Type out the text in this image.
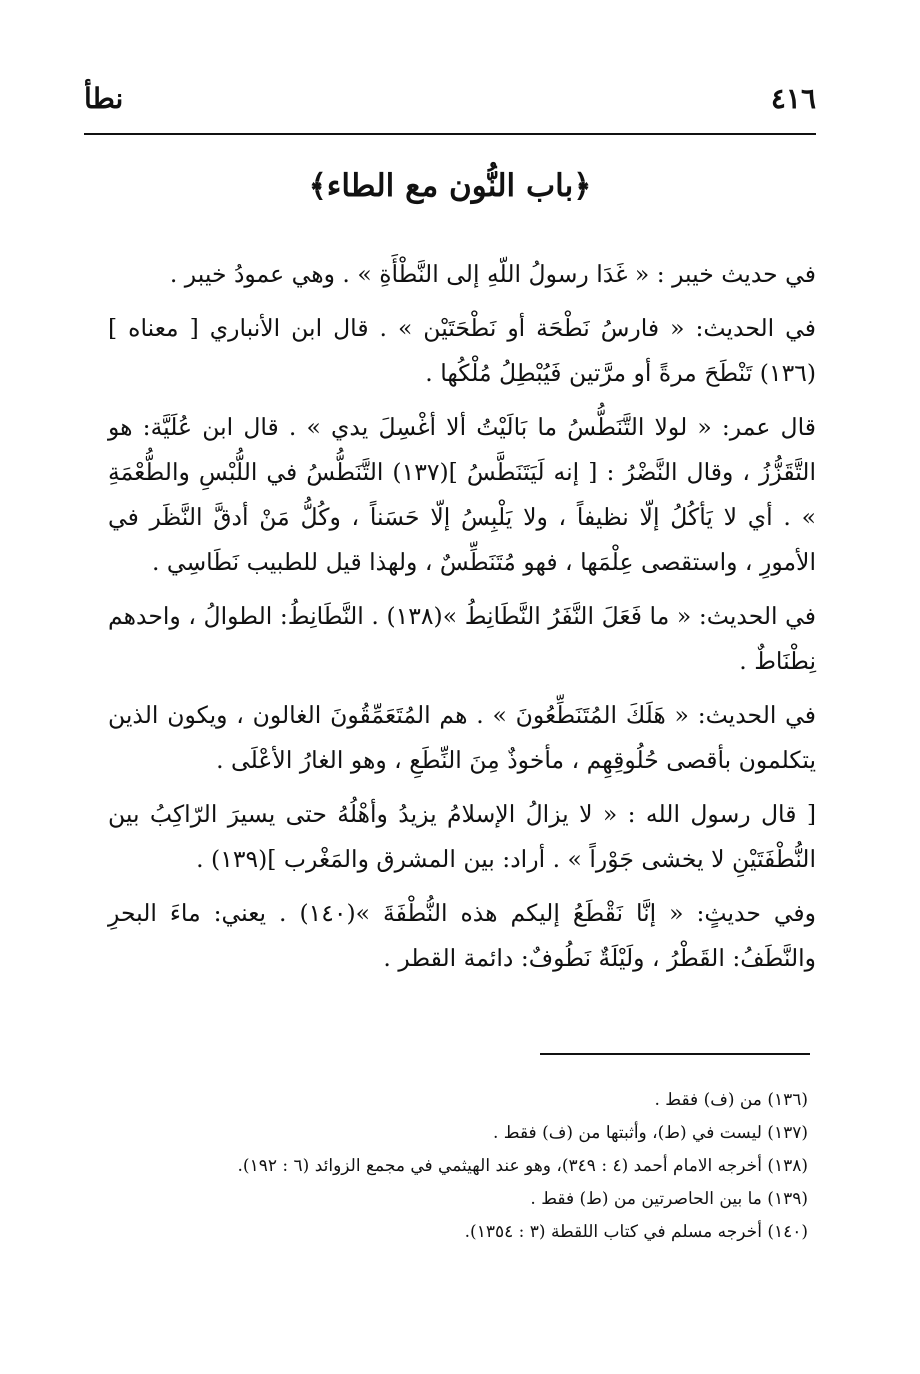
٤١٦
نطأ
﴿باب النُّون مع الطاء﴾

في حديث خيبر : « غَدَا رسولُ اللّهِ إلى النَّطْأَةِ » . وهي عمودُ خيبر .

في الحديث: « فارسُ نَطْحَة أو نَطْحَتَيْن » . قال ابن الأنباري [ معناه ](١٣٦) تَنْطَحَ مرةً أو مرَّتين فَيُبْطِلُ مُلْكُها .

قال عمر: « لولا التَّنَطُّسُ ما بَالَيْتُ ألا أغْسِلَ يدي » . قال ابن عُلَيَّة: هو التَّقَزُّزُ ، وقال النَّضْرُ : [ إنه لَيَتَنَطَّسُ ](١٣٧) التَّنَطُّسُ في اللُّبْسِ والطُّعْمَةِ » . أي لا يَأكُلُ إلّا نظيفاً ، ولا يَلْبِسُ إلّا حَسَناً ، وكُلُّ مَنْ أدقَّ النَّظَر في الأمورِ ، واستقصى عِلْمَها ، فهو مُتَنَطِّسٌ ، ولهذا قيل للطبيب نَطَاسِي .

في الحديث: « ما فَعَلَ النَّفَرُ النَّطَانِطُ »(١٣٨) . النَّطَانِطُ: الطوالُ ، واحدهم نِطْنَاطٌ .

في الحديث: « هَلَكَ المُتَنَطِّعُونَ » . هم المُتَعَمِّقُونَ الغالون ، ويكون الذين يتكلمون بأقصى حُلُوقِهِم ، مأخوذٌ مِنَ النِّطَعِ ، وهو الغارُ الأعْلَى .

[ قال رسول الله : « لا يزالُ الإسلامُ يزيدُ وأهْلُهُ حتى يسيرَ الرّاكِبُ بين النُّطْفَتَيْنِ لا يخشى جَوْراً » . أراد: بين المشرق والمَغْرب ](١٣٩) .

وفي حديثٍ: « إنَّا نَقْطَعُ إليكم هذه النُّطْفَةَ »(١٤٠) . يعني: ماءَ البحرِ والنَّطَفُ: القَطْرُ ، ولَيْلَةٌ نَطُوفٌ: دائمة القطر .

(١٣٦) من (ف) فقط .

(١٣٧) ليست في (ط)، وأثبتها من (ف) فقط .

(١٣٨) أخرجه الامام أحمد (٤ : ٣٤٩)، وهو عند الهيثمي في مجمع الزوائد (٦ : ١٩٢).

(١٣٩) ما بين الحاصرتين من (ط) فقط .

(١٤٠) أخرجه مسلم في كتاب اللقطة (٣ : ١٣٥٤).
